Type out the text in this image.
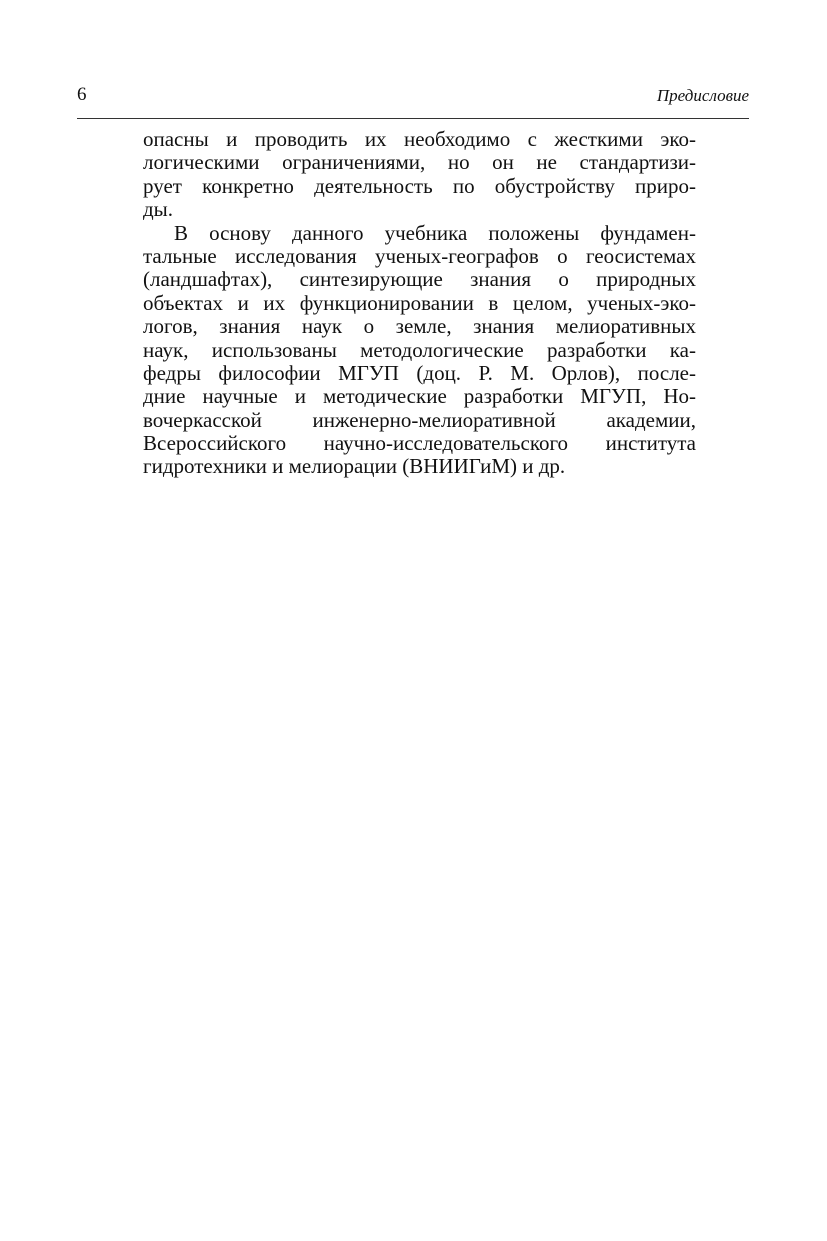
6	Предисловие
опасны и проводить их необходимо с жесткими эко-
логическими ограничениями, но он не стандартизи-
рует конкретно деятельность по обустройству приро-
ды.
В основу данного учебника положены фундамен-
тальные исследования ученых-географов о геосистемах
(ландшафтах), синтезирующие знания о природных
объектах и их функционировании в целом, ученых-эко-
логов, знания наук о земле, знания мелиоративных
наук, использованы методологические разработки ка-
федры философии МГУП (доц. Р. М. Орлов), после-
дние научные и методические разработки МГУП, Но-
вочеркасской инженерно-мелиоративной академии,
Всероссийского научно-исследовательского института
гидротехники и мелиорации (ВНИИГиМ) и др.
